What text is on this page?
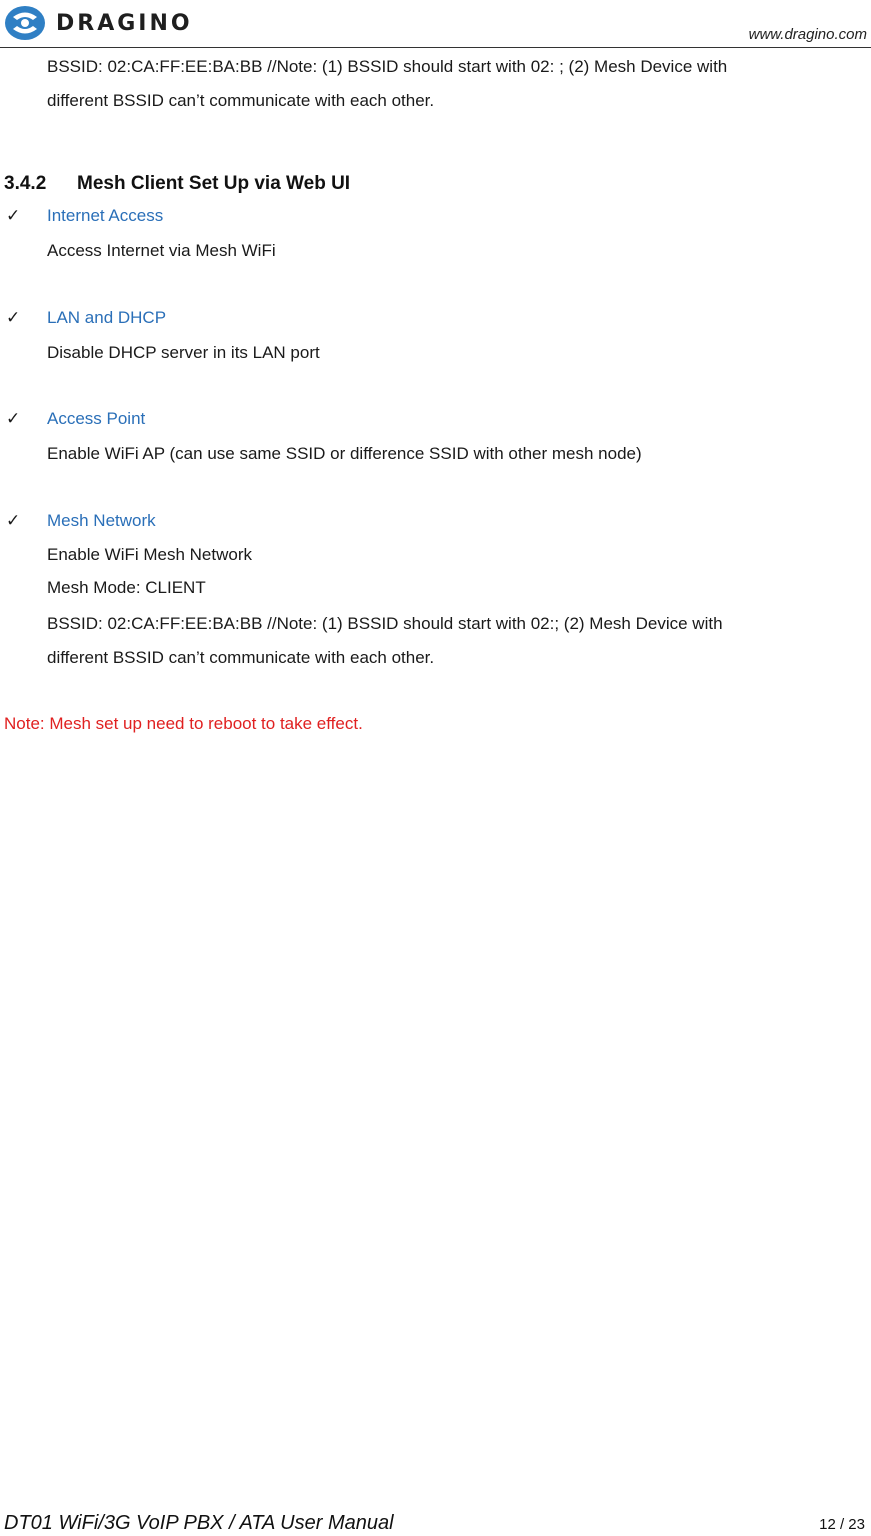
DRAGINO	www.dragino.com
BSSID: 02:CA:FF:EE:BA:BB //Note: (1) BSSID should start with 02: ; (2) Mesh Device with
different BSSID can’t communicate with each other.
3.4.2 Mesh Client Set Up via Web UI
✓ Internet Access
Access Internet via Mesh WiFi
✓ LAN and DHCP
Disable DHCP server in its LAN port
✓ Access Point
Enable WiFi AP (can use same SSID or difference SSID with other mesh node)
✓ Mesh Network
Enable WiFi Mesh Network
Mesh Mode: CLIENT
BSSID: 02:CA:FF:EE:BA:BB //Note: (1) BSSID should start with 02:; (2) Mesh Device with
different BSSID can’t communicate with each other.
Note: Mesh set up need to reboot to take effect.
DT01 WiFi/3G VoIP PBX / ATA User Manual	12 / 23
